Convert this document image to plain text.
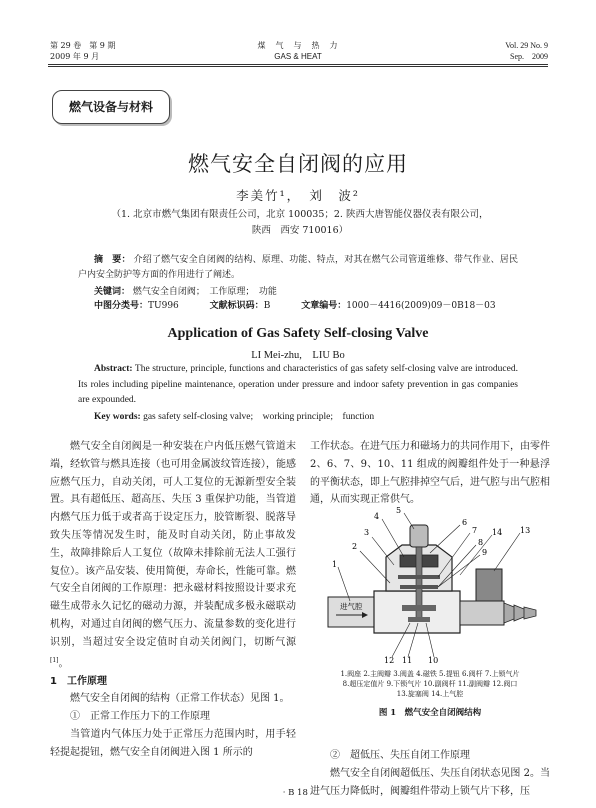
第 29 卷　第 9 期
2009 年 9 月
煤　气　与　热　力
GAS & HEAT
Vol. 29 No. 9
Sep.　2009
燃气设备与材料
燃气安全自闭阀的应用
李美竹¹，　刘　波²
（1. 北京市燃气集团有限责任公司，北京 100035；2. 陕西大唐智能仪器仪表有限公司，
陕西　西安 710016）
摘　要： 介绍了燃气安全自闭阀的结构、原理、功能、特点，对其在燃气公司管道维修、带气作业、居民户内安全防护等方面的作用进行了阐述。
关键词： 燃气安全自闭阀；　工作原理；　功能
中图分类号：TU996	文献标识码：B	文章编号：1000－4416(2009)09－0B18－03
Application of Gas Safety Self-closing Valve
LI Mei-zhu,　LIU Bo
Abstract: The structure, principle, functions and characteristics of gas safety self-closing valve are introduced. Its roles including pipeline maintenance, operation under pressure and indoor safety prevention in gas companies are expounded.
Key words: gas safety self-closing valve;　working principle;　function

燃气安全自闭阀是一种安装在户内低压燃气管道末端，经软管与燃具连接（也可用金属波纹管连接），能感应燃气压力，自动关闭，可人工复位的无源新型安全装置。具有超低压、超高压、失压 3 重保护功能，当管道内燃气压力低于或者高于设定压力，胶管断裂、脱落导致失压等情况发生时，能及时自动关闭，防止事故发生，故障排除后人工复位（故障未排除前无法人工强行复位）。该产品安装、使用简便，寿命长，性能可靠。燃气安全自闭阀的工作原理：把永磁材料按照设计要求充磁生成带永久记忆的磁动力源，并装配成多极永磁联动机构，对通过自闭阀的燃气压力、流量参数的变化进行识别，当超过安全设定值时自动关闭阀门，切断气源[1]。

1　工作原理

燃气安全自闭阀的结构（正常工作状态）见图 1。

①　正常工作压力下的工作原理

当管道内气体压力处于正常压力范围内时，用手轻轻提起提钮，燃气安全自闭阀进入图 1 所示的

工作状态。在进气压力和磁场力的共同作用下，由零件 2、6、7、9、10、11 组成的阀瓣组件处于一种悬浮的平衡状态，即上气腔排掉空气后，进气腔与出气腔相通，从而实现正常供气。

1
2
3
4
5
6
7
8
9
14 13
12 11 10
进气腔
1.阀座 2.主阀瓣 3.阀盖 4.磁铁 5.提钮 6.阀杆 7.上锁气片
8.超压定值片 9.下锁气片 10.副阀杆 11.副阀瓣 12.阀口
13.旋塞阀 14.上气腔
图 1　燃气安全自闭阀结构

②　超低压、失压自闭工作原理

燃气安全自闭阀超低压、失压自闭状态见图 2。当进气压力降低时，阀瓣组件带动上锁气片下移，压

· B 18 ·
